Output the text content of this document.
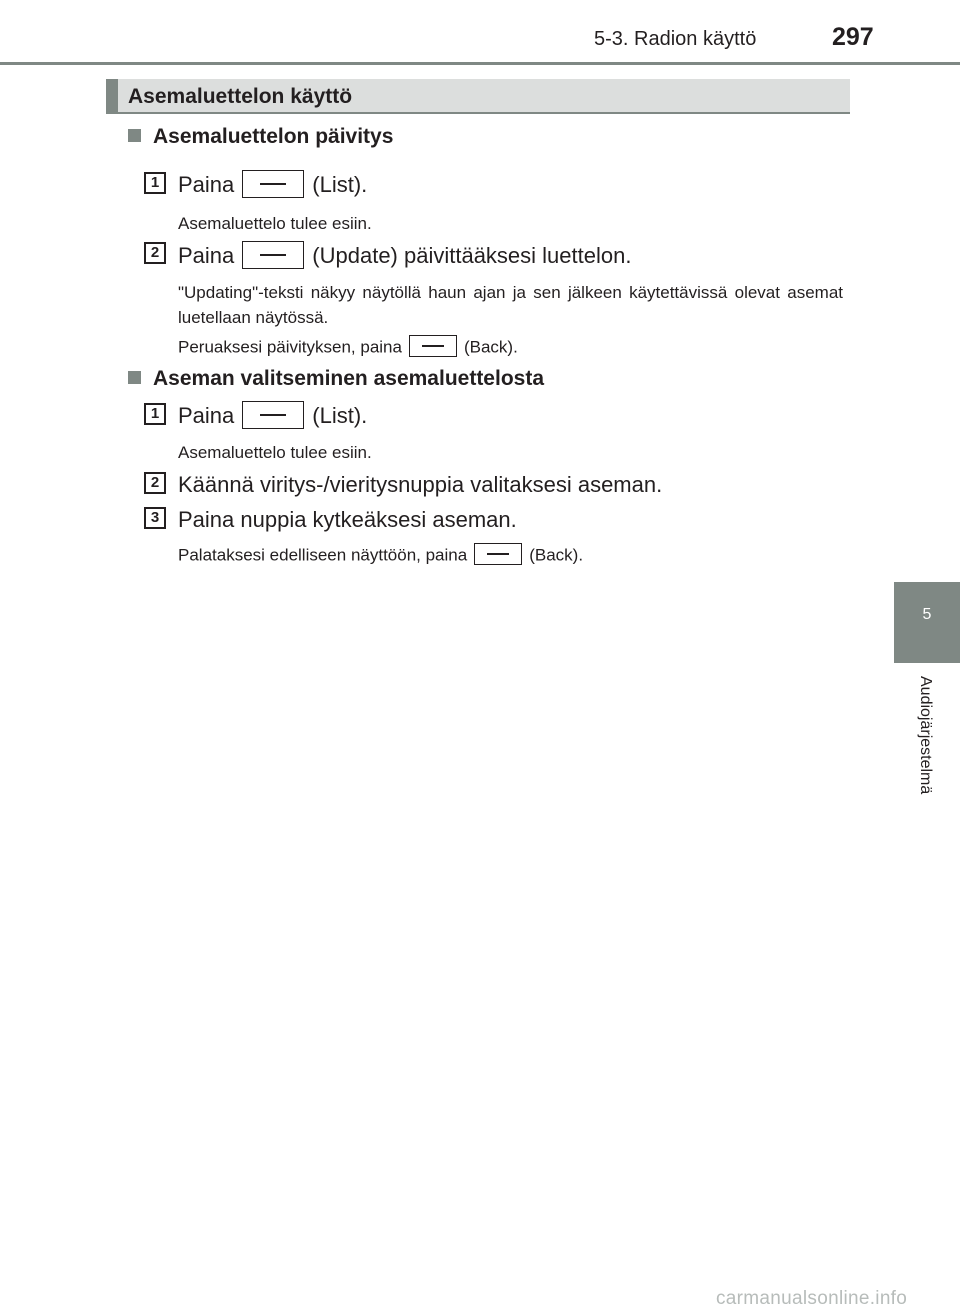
5-3. Radion käyttö	297
Asemaluettelon käyttö
Asemaluettelon päivitys
1 Paina	(List).
Asemaluettelo tulee esiin.
2 Paina	(Update) päivittääksesi luettelon.
"Updating"-teksti näkyy näytöllä haun ajan ja sen jälkeen käytettävissä olevat asemat luetellaan näytössä.
Peruaksesi päivityksen, paina	(Back).
Aseman valitseminen asemaluettelosta
1 Paina	(List).
Asemaluettelo tulee esiin.
2 Käännä viritys-/vieritysnuppia valitaksesi aseman.
3 Paina nuppia kytkeäksesi aseman.
Palataksesi edelliseen näyttöön, paina	(Back).
5
Audiojärjestelmä
carmanualsonline.info
